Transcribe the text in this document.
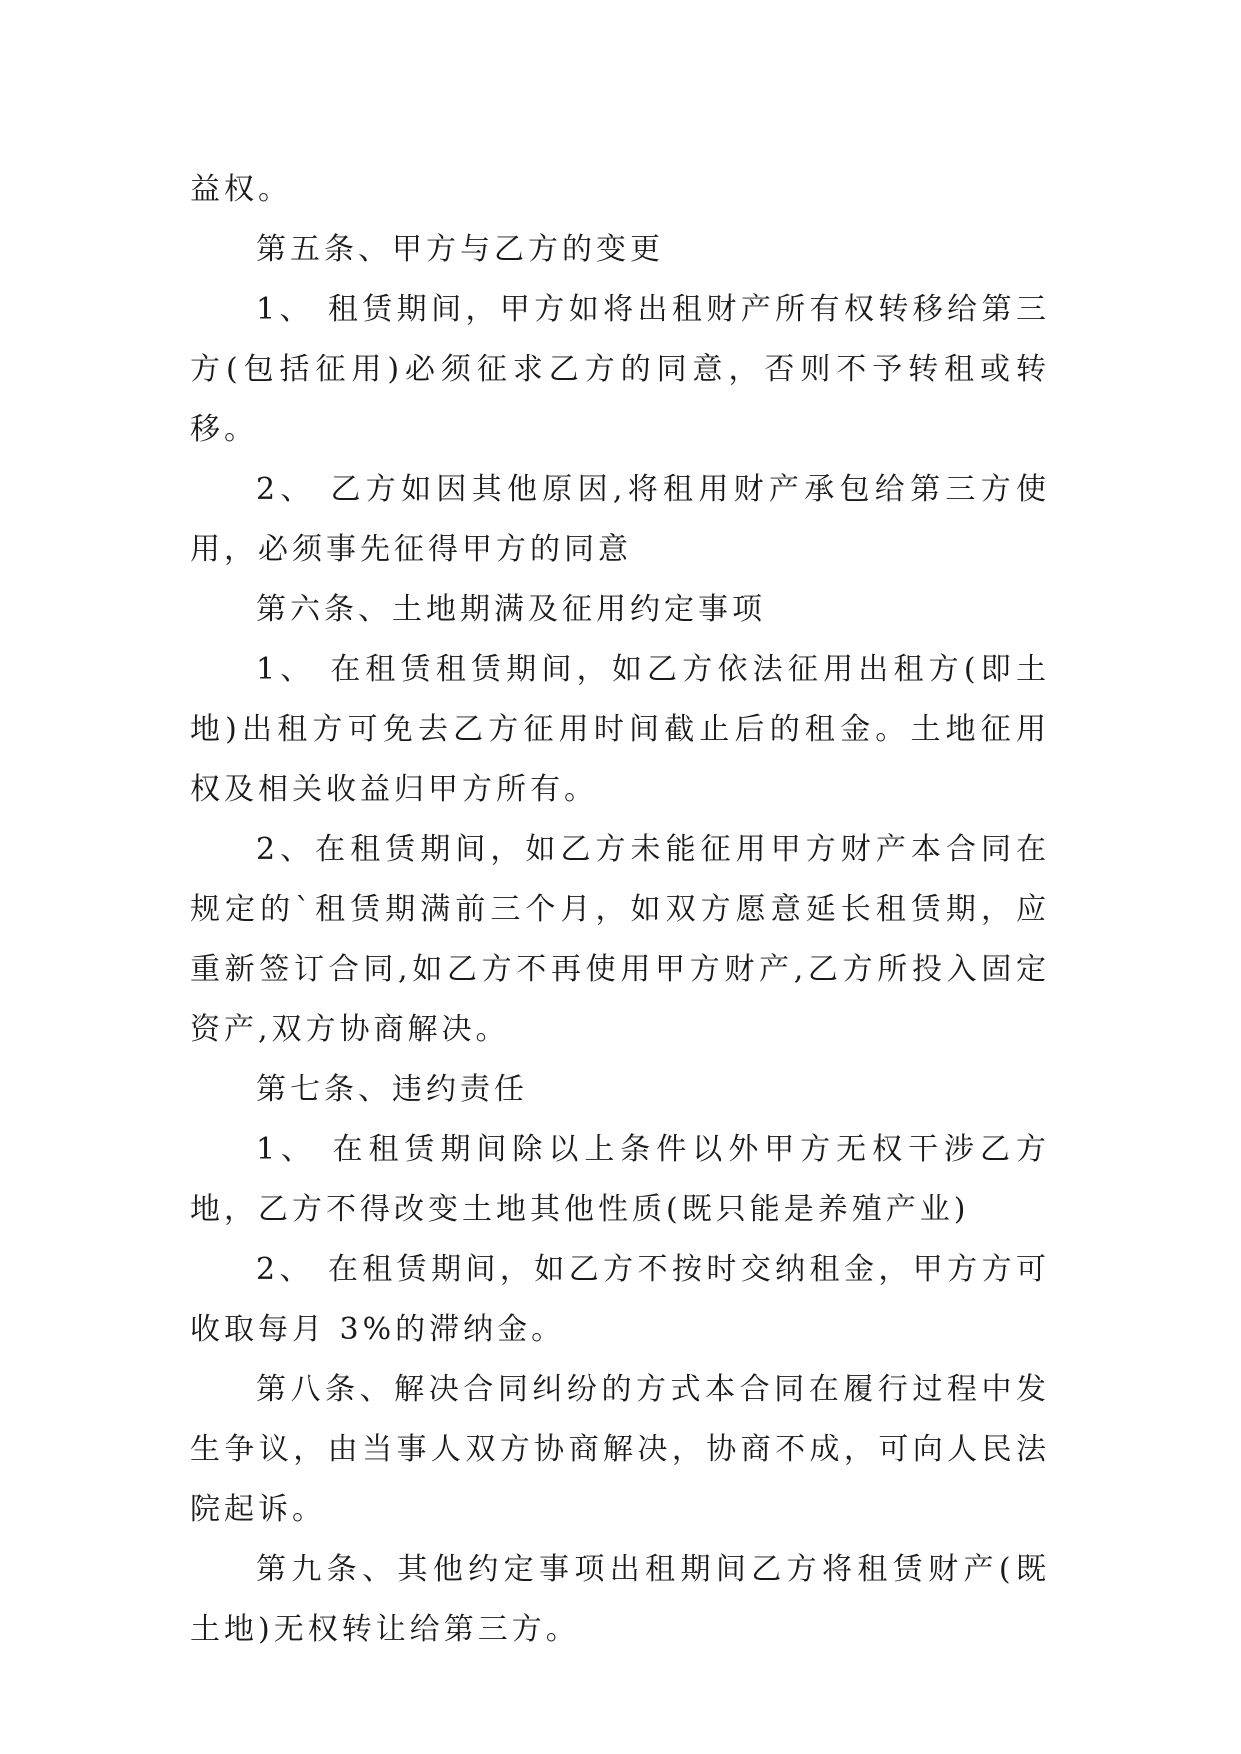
益权。

第五条、甲方与乙方的变更

1、 租赁期间，甲方如将出租财产所有权转移给第三方(包括征用)必须征求乙方的同意，否则不予转租或转移。

2、 乙方如因其他原因,将租用财产承包给第三方使用，必须事先征得甲方的同意

第六条、土地期满及征用约定事项

1、 在租赁租赁期间，如乙方依法征用出租方(即土地)出租方可免去乙方征用时间截止后的租金。土地征用权及相关收益归甲方所有。

2、在租赁期间，如乙方未能征用甲方财产本合同在规定的`租赁期满前三个月，如双方愿意延长租赁期，应重新签订合同,如乙方不再使用甲方财产,乙方所投入固定资产,双方协商解决。

第七条、违约责任

1、 在租赁期间除以上条件以外甲方无权干涉乙方地，乙方不得改变土地其他性质(既只能是养殖产业)

2、 在租赁期间，如乙方不按时交纳租金，甲方方可收取每月 3%的滞纳金。

第八条、解决合同纠纷的方式本合同在履行过程中发生争议，由当事人双方协商解决，协商不成，可向人民法院起诉。

第九条、其他约定事项出租期间乙方将租赁财产(既土地)无权转让给第三方。
